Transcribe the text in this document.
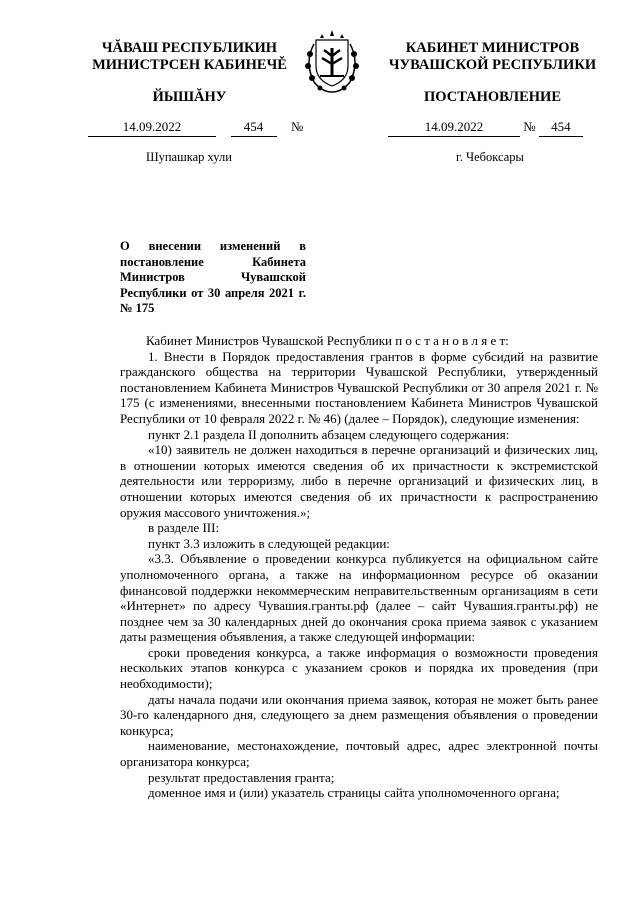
ЧĂВАШ РЕСПУБЛИКИН
МИНИСТРСЕН КАБИНЕЧĚ
КАБИНЕТ МИНИСТРОВ
ЧУВАШСКОЙ РЕСПУБЛИКИ
ЙЫШĂНУ	ПОСТАНОВЛЕНИЕ
14.09.2022	454 №	14.09.2022	№ 454
Шупашкар хули	г. Чебоксары
О внесении изменений в постановление Кабинета Министров Чувашской Республики от 30 апреля 2021 г. № 175

Кабинет Министров Чувашской Республики п о с т а н о в л я е т:

1. Внести в Порядок предоставления грантов в форме субсидий на развитие гражданского общества на территории Чувашской Республики, утвержденный постановлением Кабинета Министров Чувашской Республики от 30 апреля 2021 г. № 175 (с изменениями, внесенными постановлением Кабинета Министров Чувашской Республики от 10 февраля 2022 г. № 46) (далее – Порядок), следующие изменения:

пункт 2.1 раздела II дополнить абзацем следующего содержания:

«10) заявитель не должен находиться в перечне организаций и физических лиц, в отношении которых имеются сведения об их причастности к экстремистской деятельности или терроризму, либо в перечне организаций и физических лиц, в отношении которых имеются сведения об их причастности к распространению оружия массового уничтожения.»;

в разделе III:

пункт 3.3 изложить в следующей редакции:

«3.3. Объявление о проведении конкурса публикуется на официальном сайте уполномоченного органа, а также на информационном ресурсе об оказании финансовой поддержки некоммерческим неправительственным организациям в сети «Интернет» по адресу Чувашия.гранты.рф (далее – сайт Чувашия.гранты.рф) не позднее чем за 30 календарных дней до окончания срока приема заявок с указанием даты размещения объявления, а также следующей информации:

сроки проведения конкурса, а также информация о возможности проведения нескольких этапов конкурса с указанием сроков и порядка их проведения (при необходимости);

даты начала подачи или окончания приема заявок, которая не может быть ранее 30-го календарного дня, следующего за днем размещения объявления о проведении конкурса;

наименование, местонахождение, почтовый адрес, адрес электронной почты организатора конкурса;

результат предоставления гранта;

доменное имя и (или) указатель страницы сайта уполномоченного органа;
